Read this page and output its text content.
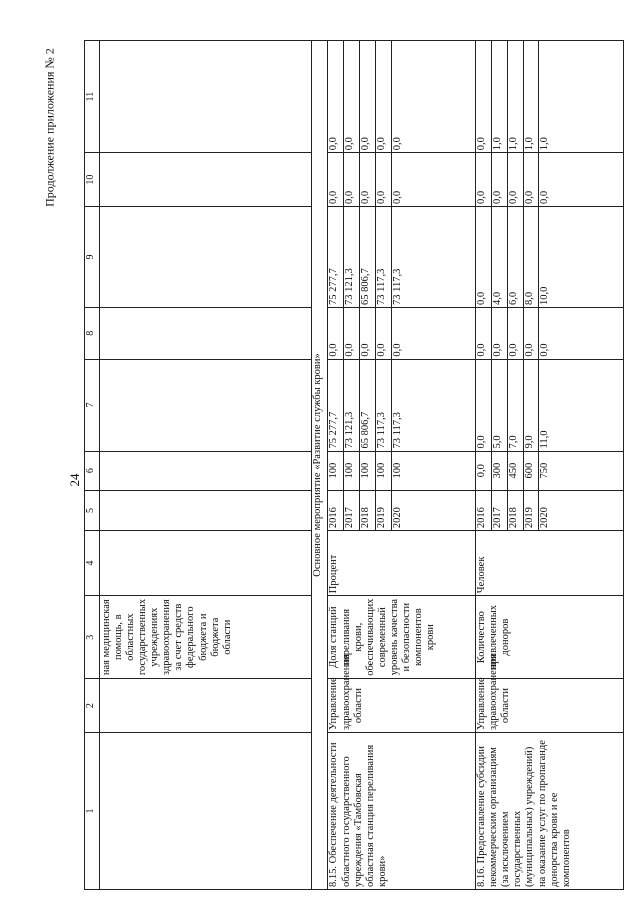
24
Продолжение приложения № 2
1	2	3	4	5	6	7	8	9	10	11
		ная медицинская помощь, в областных государственных учреждениях здравоохранения за счет средств федерального бюджета и бюджета области								
Основное мероприятие «Развитие службы крови»										
8.15. Обеспечение деятельности областного государственного учреждения «Тамбовская областная станция переливания крови»	Управление здравоохранения области	Доля станций переливания крови, обеспечивающих современный уровень качества и безопасности компонентов крови	Процент	2016	100	75 277,7	0,0	75 277,7	0,0	0,0
				2017	100	73 121,3	0,0	73 121,3	0,0	0,0
				2018	100	65 806,7	0,0	65 806,7	0,0	0,0
				2019	100	73 117,3	0,0	73 117,3	0,0	0,0
				2020	100	73 117,3	0,0	73 117,3	0,0	0,0
8.16. Предоставление субсидии некоммерческим организациям (за исключением государственных (муниципальных) учреждений) на оказание услуг по пропаганде донорства крови и ее компонентов	Управление здравоохранения области	Количество привлеченных доноров	Человек	2016	0,0	0,0	0,0	0,0	0,0	0,0
				2017	300	5,0	0,0	4,0	0,0	1,0
				2018	450	7,0	0,0	6,0	0,0	1,0
				2019	600	9,0	0,0	8,0	0,0	1,0
				2020	750	11,0	0,0	10,0	0,0	1,0
